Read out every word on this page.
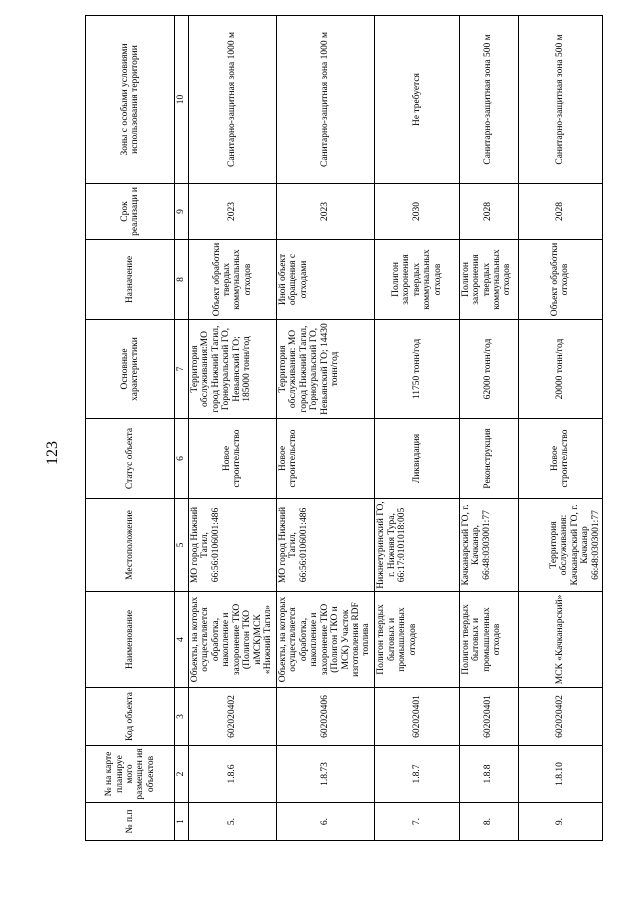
123
№ п.п	№ на карте планируе мого размещен ия объектов	Код объекта	Наименование	Местоположение	Статус объекта	Основные характеристики	Назначение	Срок реализаци и	Зоны с особыми условиями использования территории
1	2	3	4	5	6	7	8	9	10
5.	1.8.6	602020402	Объекты, на которых осуществляется обработка, накопление и захоронение ТКО (Полигон ТКО иМСК)МСК «Нижний Тагил»	МО город Нижний Тагил, 66:56:0106001:486	Новое строительство	Территория обслуживания:МО город Нижний Тагил, Горноуральский ГО, Невьянский ГО; 185000 тонн/год	Объект обработки твердых коммунальных отходов	2023	Санитарно-защитная зона 1000 м
6.	1.8.73	602020406	Объекты, на которых осуществляется обработка, накопление и захоронение ТКО (Полигон ТКО и МСК) Участок изготовления RDF топлива	МО город Нижний Тагил, 66:56:0106001:486	Новое строительство	Территория обслуживания: МО город Нижний Тагил, Горноуральский ГО, Невьянский ГО; 14430 тонн/год	Иной объект обращения с отходами	2023	Санитарно-защитная зона 1000 м
7.	1.8.7	602020401	Полигон твердых бытовых и промышленных отходов	Нижнетуринский ГО, г. Нижняя Тура, 66:17:0101018:005	Ликвидация	11750 тонн/год	Полигон захоронения твердых коммунальных отходов	2030	Не требуется
8.	1.8.8	602020401	Полигон твердых бытовых и промышленных отходов	Качканарский ГО, г. Качканар, 66:48:0303001:77	Реконструкция	62000 тонн/год	Полигон захоронения твердых коммунальных отходов	2028	Санитарно-защитная зона 500 м
9.	1.8.10	602020402	МСК «Качканарский»	Территория обслуживания: Качканарский ГО, г. Качканар 66:48:0303001:77	Новое строительство	20000 тонн/год	Объект обработки отходов	2028	Санитарно-защитная зона 500 м
